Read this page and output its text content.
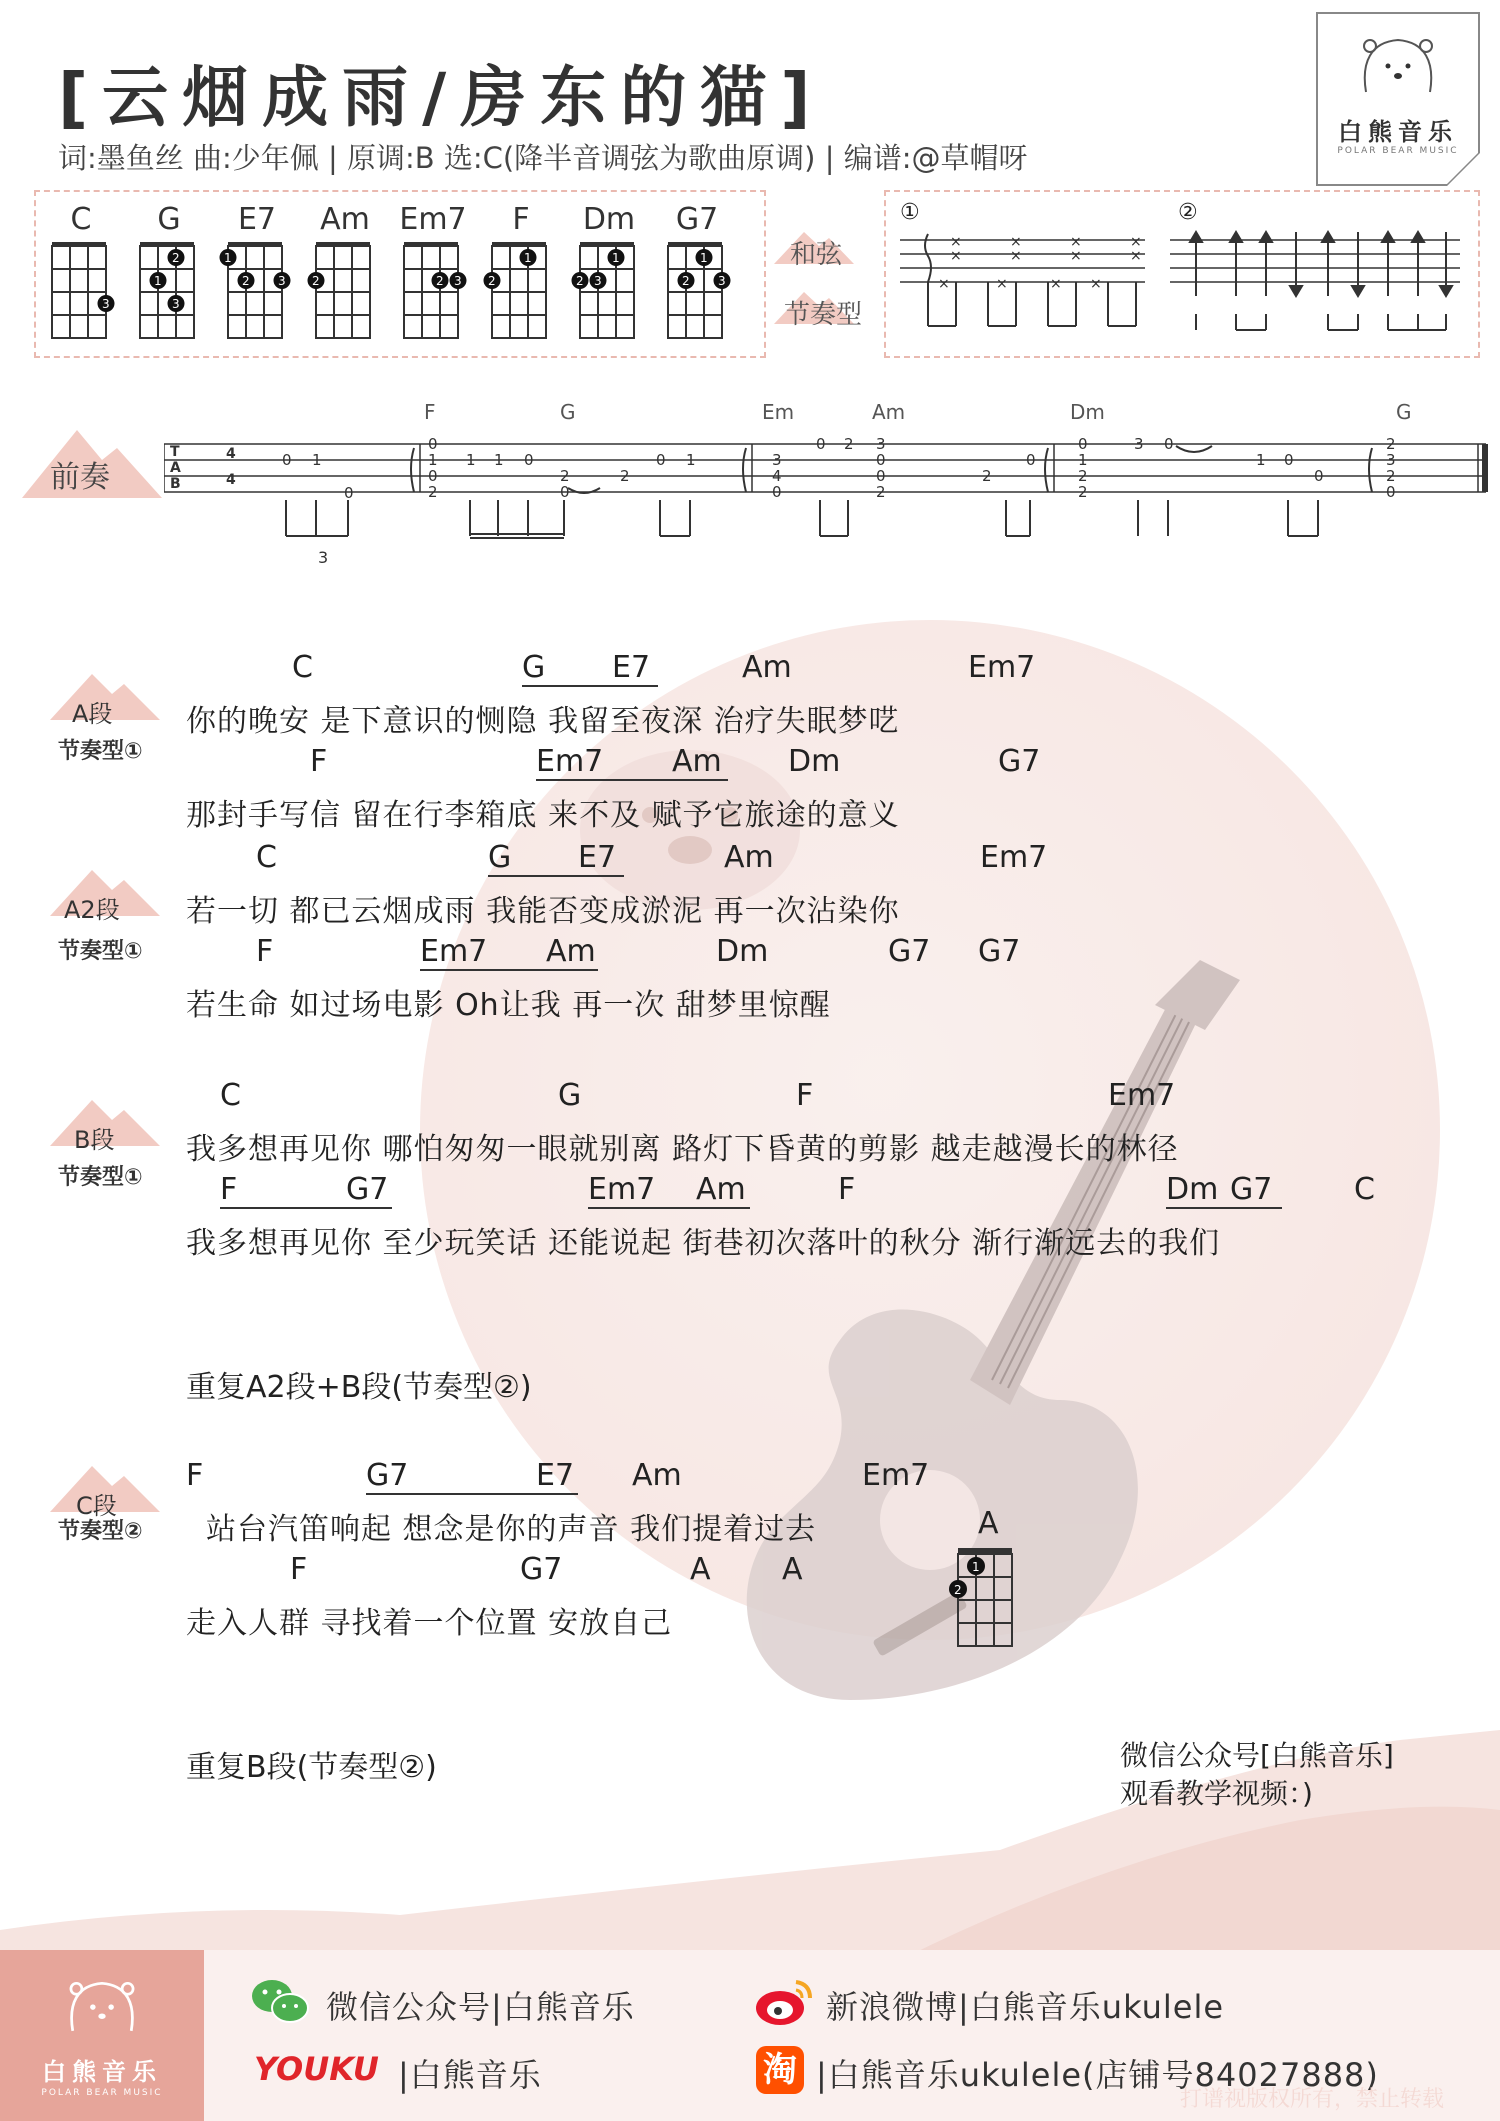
[云烟成雨/房东的猫]
词:墨鱼丝 曲:少年佩 | 原调:B 选:C(降半音调弦为歌曲原调) | 编谱:@草帽呀
白熊音乐
POLAR BEAR MUSIC
C	G	E7	Am Em7	F	Dm	G7
3
1
2
3
1
2 3 2	2 3 2
1
2 3
1
2
1
3
和弦
节奏型
①	②
×
×
×
×
×
×
×
×
×	×	× ×
前奏
F	G	Em	Am	Dm	G
3
T
A
B
4
4
0 1
0
0
1
0
2
1 1 0
2
0
2
0 1	3
4
0
0 2 3
0
0
2
2
0
0
1
2
2
3 0
1 0
0
2
3
2
0
A段
节奏型①
C	G E7	Am	Em7
你的晚安 是下意识的恻隐 我留至夜深 治疗失眠梦呓
F	Em7 Am Dm	G7
那封手写信 留在行李箱底 来不及 赋予它旅途的意义
A2段
节奏型①
C	G E7	Am	Em7
若一切 都已云烟成雨 我能否变成淤泥 再一次沾染你
F	Em7 Am	Dm	G7 G7
若生命 如过场电影 Oh让我 再一次 甜梦里惊醒
B段
节奏型①
C	G	F	Em7
我多想再见你 哪怕匆匆一眼就别离 路灯下昏黄的剪影 越走越漫长的林径
F	G7	Em7 Am	F	Dm G7	C
我多想再见你 至少玩笑话 还能说起 街巷初次落叶的秋分 渐行渐远去的我们
重复A2段+B段(节奏型②)
C段
节奏型②
F	G7	E7 Am	Em7
站台汽笛响起 想念是你的声音 我们提着过去
F	G7	A A
走入人群 寻找着一个位置 安放自己
A
1
2
重复B段(节奏型②)	微信公众号[白熊音乐]
观看教学视频：)
白熊音乐
POLAR BEAR MUSIC
微信公众号|白熊音乐
YOUKU |白熊音乐
新浪微博|白熊音乐ukulele
淘 |白熊音乐ukulele(店铺号84027888)
打谱视版权所有，禁止转载
